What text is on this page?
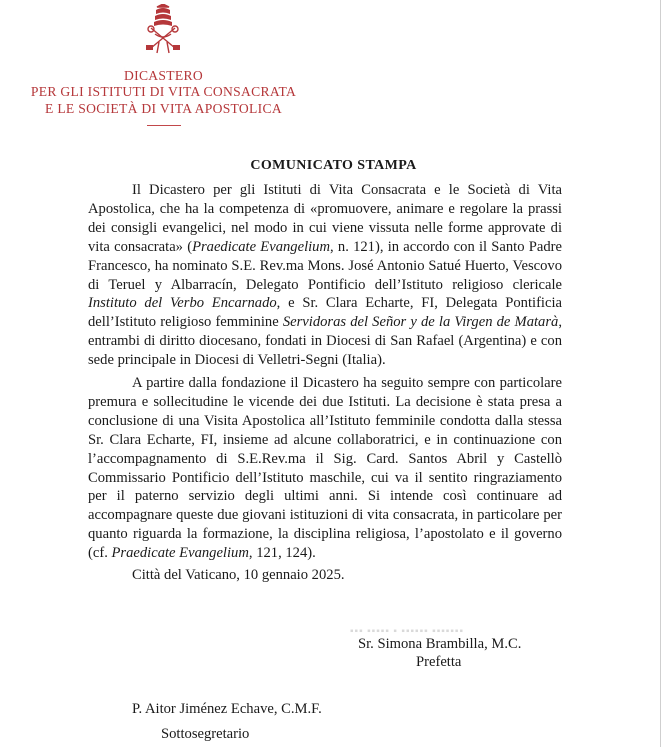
DICASTERO
PER GLI ISTITUTI DI VITA CONSACRATA
E LE SOCIETÀ DI VITA APOSTOLICA
COMUNICATO STAMPA
Il Dicastero per gli Istituti di Vita Consacrata e le Società di Vita Apostolica, che ha la competenza di «promuovere, animare e regolare la prassi dei consigli evangelici, nel modo in cui viene vissuta nelle forme approvate di vita consacrata» (Praedicate Evangelium, n. 121), in accordo con il Santo Padre Francesco, ha nominato S.E. Rev.ma Mons. José Antonio Satué Huerto, Vescovo di Teruel y Albarracín, Delegato Pontificio dell’Istituto religioso clericale Instituto del Verbo Encarnado, e Sr. Clara Echarte, FI, Delegata Pontificia dell’Istituto religioso femminine Servidoras del Señor y de la Virgen de Matarà, entrambi di diritto diocesano, fondati in Diocesi di San Rafael (Argentina) e con sede principale in Diocesi di Velletri-Segni (Italia).
A partire dalla fondazione il Dicastero ha seguito sempre con particolare premura e sollecitudine le vicende dei due Istituti. La decisione è stata presa a conclusione di una Visita Apostolica all’Istituto femminile condotta dalla stessa Sr. Clara Echarte, FI, insieme ad alcune collaboratrici, e in continuazione con l’accompagnamento di S.E.Rev.ma il Sig. Card. Santos Abril y Castellò Commissario Pontificio dell’Istituto maschile, cui va il sentito ringraziamento per il paterno servizio degli ultimi anni. Si intende così continuare ad accompagnare queste due giovani istituzioni di vita consacrata, in particolare per quanto riguarda la formazione, la disciplina religiosa, l’apostolato e il governo (cf. Praedicate Evangelium, 121, 124).
Città del Vaticano, 10 gennaio 2025.
▪▪▪ ▪▪▪▪▪ ▪ ▪▪▪▪▪▪ ▪▪▪▪▪▪▪
Sr. Simona Brambilla, M.C.
Prefetta
P. Aitor Jiménez Echave, C.M.F.
Sottosegretario
